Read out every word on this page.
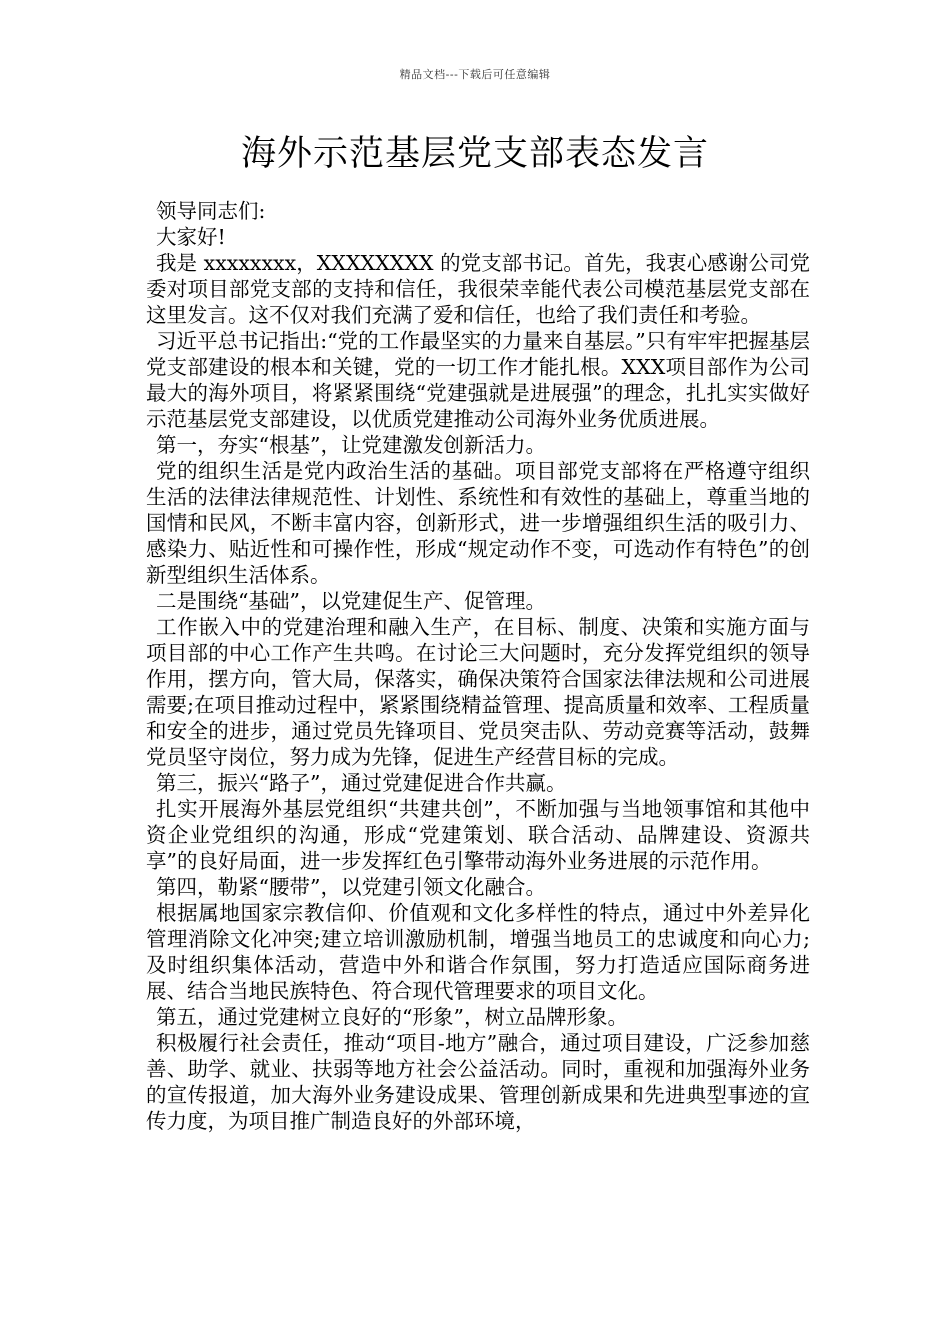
精品文档---下载后可任意编辑
海外示范基层党支部表态发言

领导同志们:

大家好!

我是 xxxxxxxx，XXXXXXXX 的党支部书记。首先，我衷心感谢公司党委对项目部党支部的支持和信任，我很荣幸能代表公司模范基层党支部在这里发言。这不仅对我们充满了爱和信任，也给了我们责任和考验。

习近平总书记指出:“党的工作最坚实的力量来自基层。”只有牢牢把握基层党支部建设的根本和关键，党的一切工作才能扎根。XXX项目部作为公司最大的海外项目，将紧紧围绕“党建强就是进展强”的理念，扎扎实实做好示范基层党支部建设，以优质党建推动公司海外业务优质进展。

第一，夯实“根基”，让党建激发创新活力。

党的组织生活是党内政治生活的基础。项目部党支部将在严格遵守组织生活的法律法律规范性、计划性、系统性和有效性的基础上，尊重当地的国情和民风，不断丰富内容，创新形式，进一步增强组织生活的吸引力、感染力、贴近性和可操作性，形成“规定动作不变，可选动作有特色”的创新型组织生活体系。

二是围绕“基础”，以党建促生产、促管理。

工作嵌入中的党建治理和融入生产，在目标、制度、决策和实施方面与项目部的中心工作产生共鸣。在讨论三大问题时，充分发挥党组织的领导作用，摆方向，管大局，保落实，确保决策符合国家法律法规和公司进展需要;在项目推动过程中，紧紧围绕精益管理、提高质量和效率、工程质量和安全的进步，通过党员先锋项目、党员突击队、劳动竞赛等活动，鼓舞党员坚守岗位，努力成为先锋，促进生产经营目标的完成。

第三，振兴“路子”，通过党建促进合作共赢。

扎实开展海外基层党组织“共建共创”，不断加强与当地领事馆和其他中资企业党组织的沟通，形成“党建策划、联合活动、品牌建设、资源共享”的良好局面，进一步发挥红色引擎带动海外业务进展的示范作用。

第四，勒紧“腰带”，以党建引领文化融合。

根据属地国家宗教信仰、价值观和文化多样性的特点，通过中外差异化管理消除文化冲突;建立培训激励机制，增强当地员工的忠诚度和向心力;及时组织集体活动，营造中外和谐合作氛围，努力打造适应国际商务进展、结合当地民族特色、符合现代管理要求的项目文化。

第五，通过党建树立良好的“形象”，树立品牌形象。

积极履行社会责任，推动“项目-地方”融合，通过项目建设，广泛参加慈善、助学、就业、扶弱等地方社会公益活动。同时，重视和加强海外业务的宣传报道，加大海外业务建设成果、管理创新成果和先进典型事迹的宣传力度，为项目推广制造良好的外部环境，
